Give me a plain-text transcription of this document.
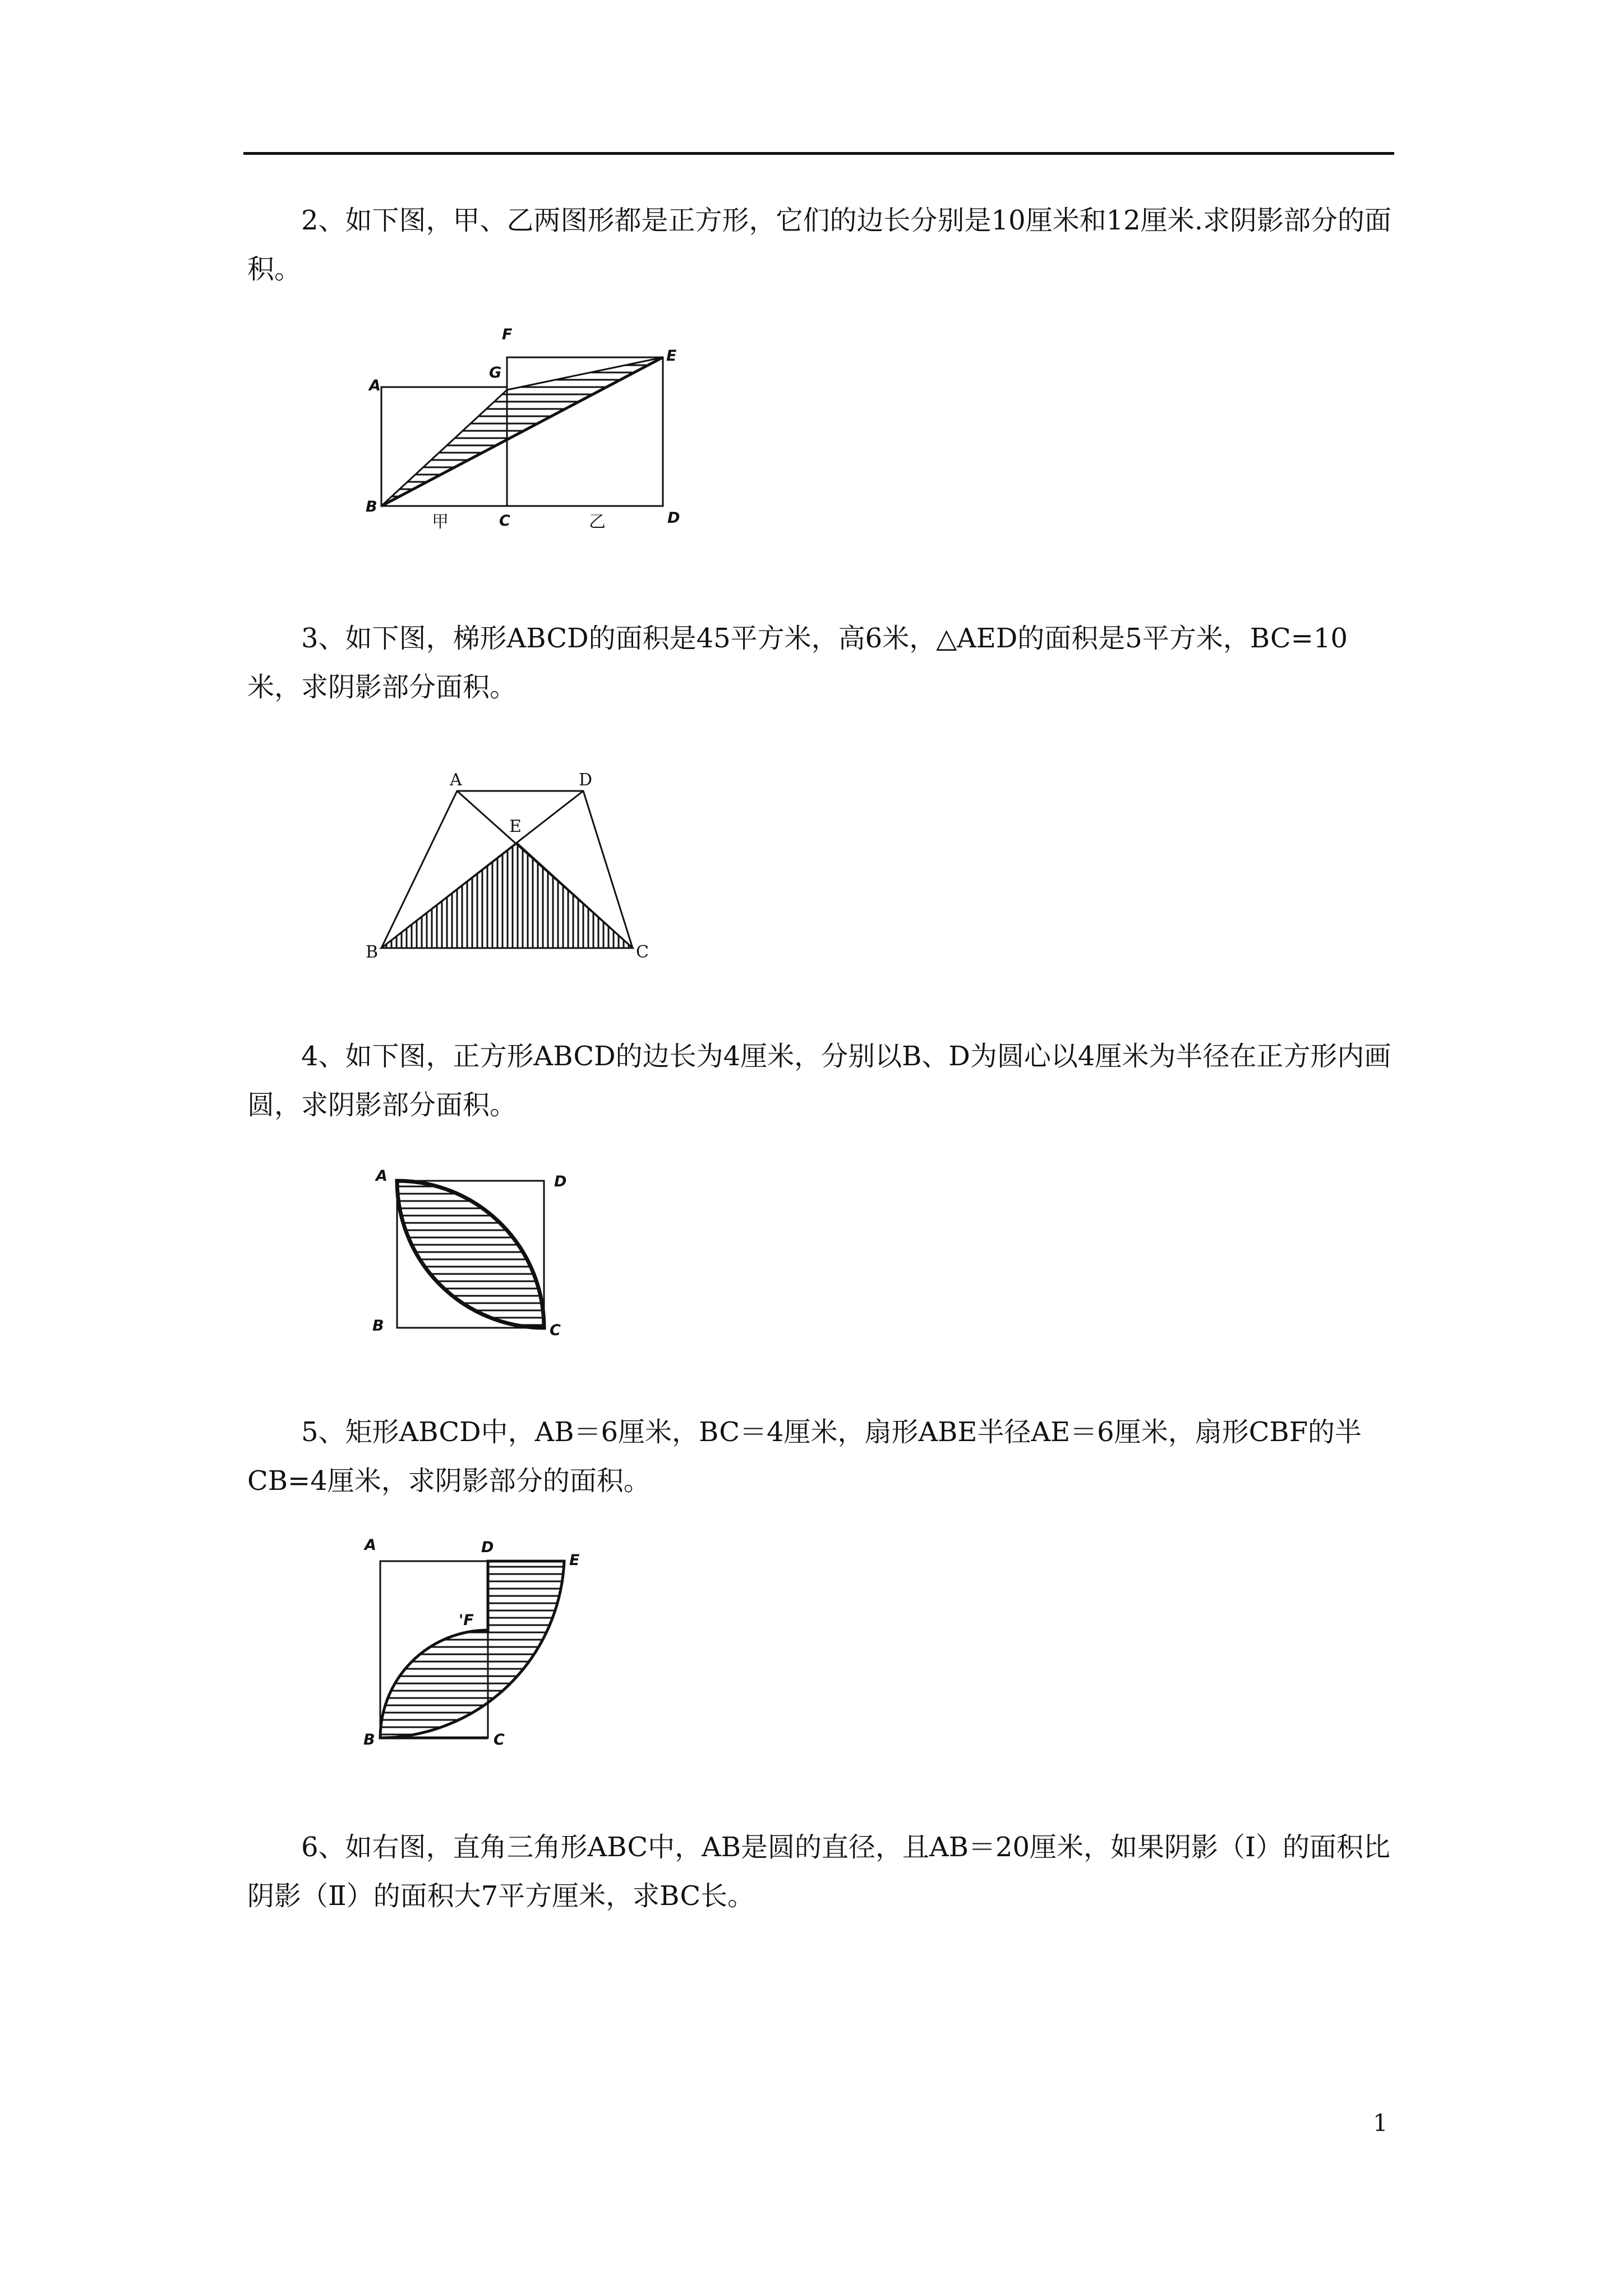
2、如下图，甲、乙两图形都是正方形，它们的边长分别是10厘米和12厘米.求阴影部分的面积。

F
G
E
A
B
C	D
甲	乙

3、如下图，梯形ABCD的面积是45平方米，高6米，△AED的面积是5平方米，BC=10米，求阴影部分面积。

A	D
E
B	C

4、如下图，正方形ABCD的边长为4厘米，分别以B、D为圆心以4厘米为半径在正方形内画圆，求阴影部分面积。

A	D
B	C

5、矩形ABCD中，AB＝6厘米，BC＝4厘米，扇形ABE半径AE＝6厘米，扇形CBF的半CB=4厘米，求阴影部分的面积。

A	D
E
'F
B	C

6、如右图，直角三角形ABC中，AB是圆的直径，且AB＝20厘米，如果阴影（Ⅰ）的面积比阴影（Ⅱ）的面积大7平方厘米，求BC长。

1
